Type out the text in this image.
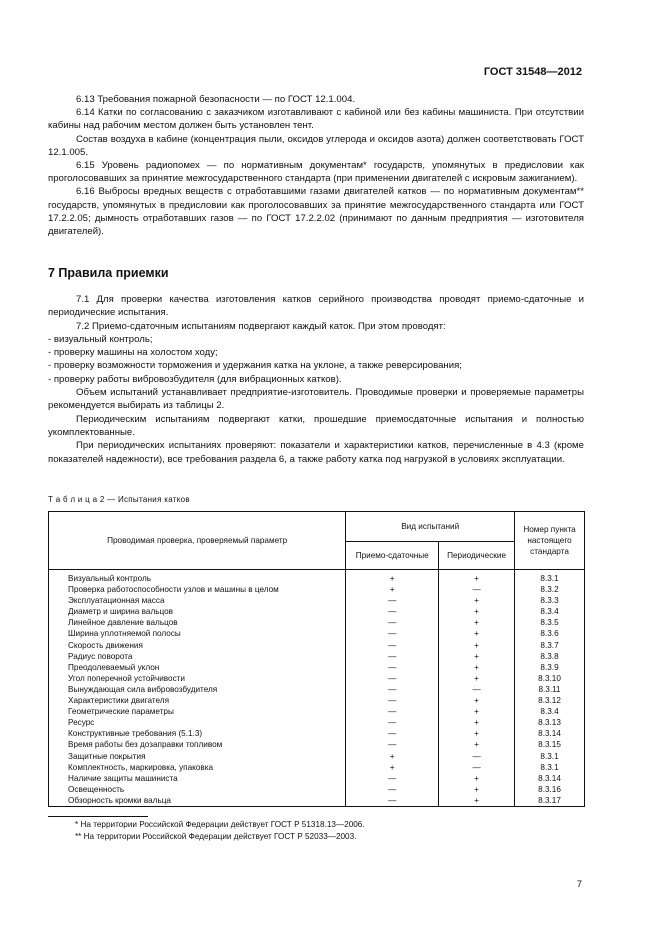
ГОСТ 31548—2012

6.13 Требования пожарной безопасности — по ГОСТ 12.1.004.

6.14 Катки по согласованию с заказчиком изготавливают с кабиной или без кабины машиниста. При отсутствии кабины над рабочим местом должен быть установлен тент.

Состав воздуха в кабине (концентрация пыли, оксидов углерода и оксидов азота) должен соответствовать ГОСТ 12.1.005.

6.15 Уровень радиопомех — по нормативным документам* государств, упомянутых в предисловии как проголосовавших за принятие межгосударственного стандарта (при применении двигателей с искровым зажиганием).

6.16 Выбросы вредных веществ с отработавшими газами двигателей катков — по нормативным документам** государств, упомянутых в предисловии как проголосовавших за принятие межгосударственного стандарта или ГОСТ 17.2.2.05; дымность отработавших газов — по ГОСТ 17.2.2.02 (принимают по данным предприятия — изготовителя двигателей).

7 Правила приемки

7.1 Для проверки качества изготовления катков серийного производства проводят приемо-сдаточные и периодические испытания.

7.2 Приемо-сдаточным испытаниям подвергают каждый каток. При этом проводят:

- визуальный контроль;

- проверку машины на холостом ходу;

- проверку возможности торможения и удержания катка на уклоне, а также реверсирования;

- проверку работы вибровозбудителя (для вибрационных катков).

Объем испытаний устанавливает предприятие-изготовитель. Проводимые проверки и проверяемые параметры рекомендуется выбирать из таблицы 2.

Периодическим испытаниям подвергают катки, прошедшие приемосдаточные испытания и полностью укомплектованные.

При периодических испытаниях проверяют: показатели и характеристики катков, перечисленные в 4.3 (кроме показателей надежности), все требования раздела 6, а также работу катка под нагрузкой в условиях эксплуатации.

Т а б л и ц а 2 — Испытания катков
Проводимая проверка, проверяемый параметр	Вид испытаний		Номер пункта настоящего стандарта
	Приемо-сдаточные	Периодические	
Визуальный контроль	+	+	8.3.1
Проверка работоспособности узлов и машины в целом	+	—	8.3.2
Эксплуатационная масса	—	+	8.3.3
Диаметр и ширина вальцов	—	+	8.3.4
Линейное давление вальцов	—	+	8.3.5
Ширина уплотняемой полосы	—	+	8.3.6
Скорость движения	—	+	8.3.7
Радиус поворота	—	+	8.3.8
Преодолеваемый уклон	—	+	8.3.9
Угол поперечной устойчивости	—	+	8.3.10
Вынуждающая сила вибровозбудителя	—	—	8.3.11
Характеристики двигателя	—	+	8.3.12
Геометрические параметры	—	+	8.3.4
Ресурс	—	+	8.3.13
Конструктивные требования (5.1.3)	—	+	8.3.14
Время работы без дозаправки топливом	—	+	8.3.15
Защитные покрытия	+	—	8.3.1
Комплектность, маркировка, упаковка	+	—	8.3.1
Наличие защиты машиниста	—	+	8.3.14
Освещенность	—	+	8.3.16
Обзорность кромки вальца	—	+	8.3.17
* На территории Российской Федерации действует ГОСТ Р 51318.13—2006.
** На территории Российской Федерации действует ГОСТ Р 52033—2003.
7
